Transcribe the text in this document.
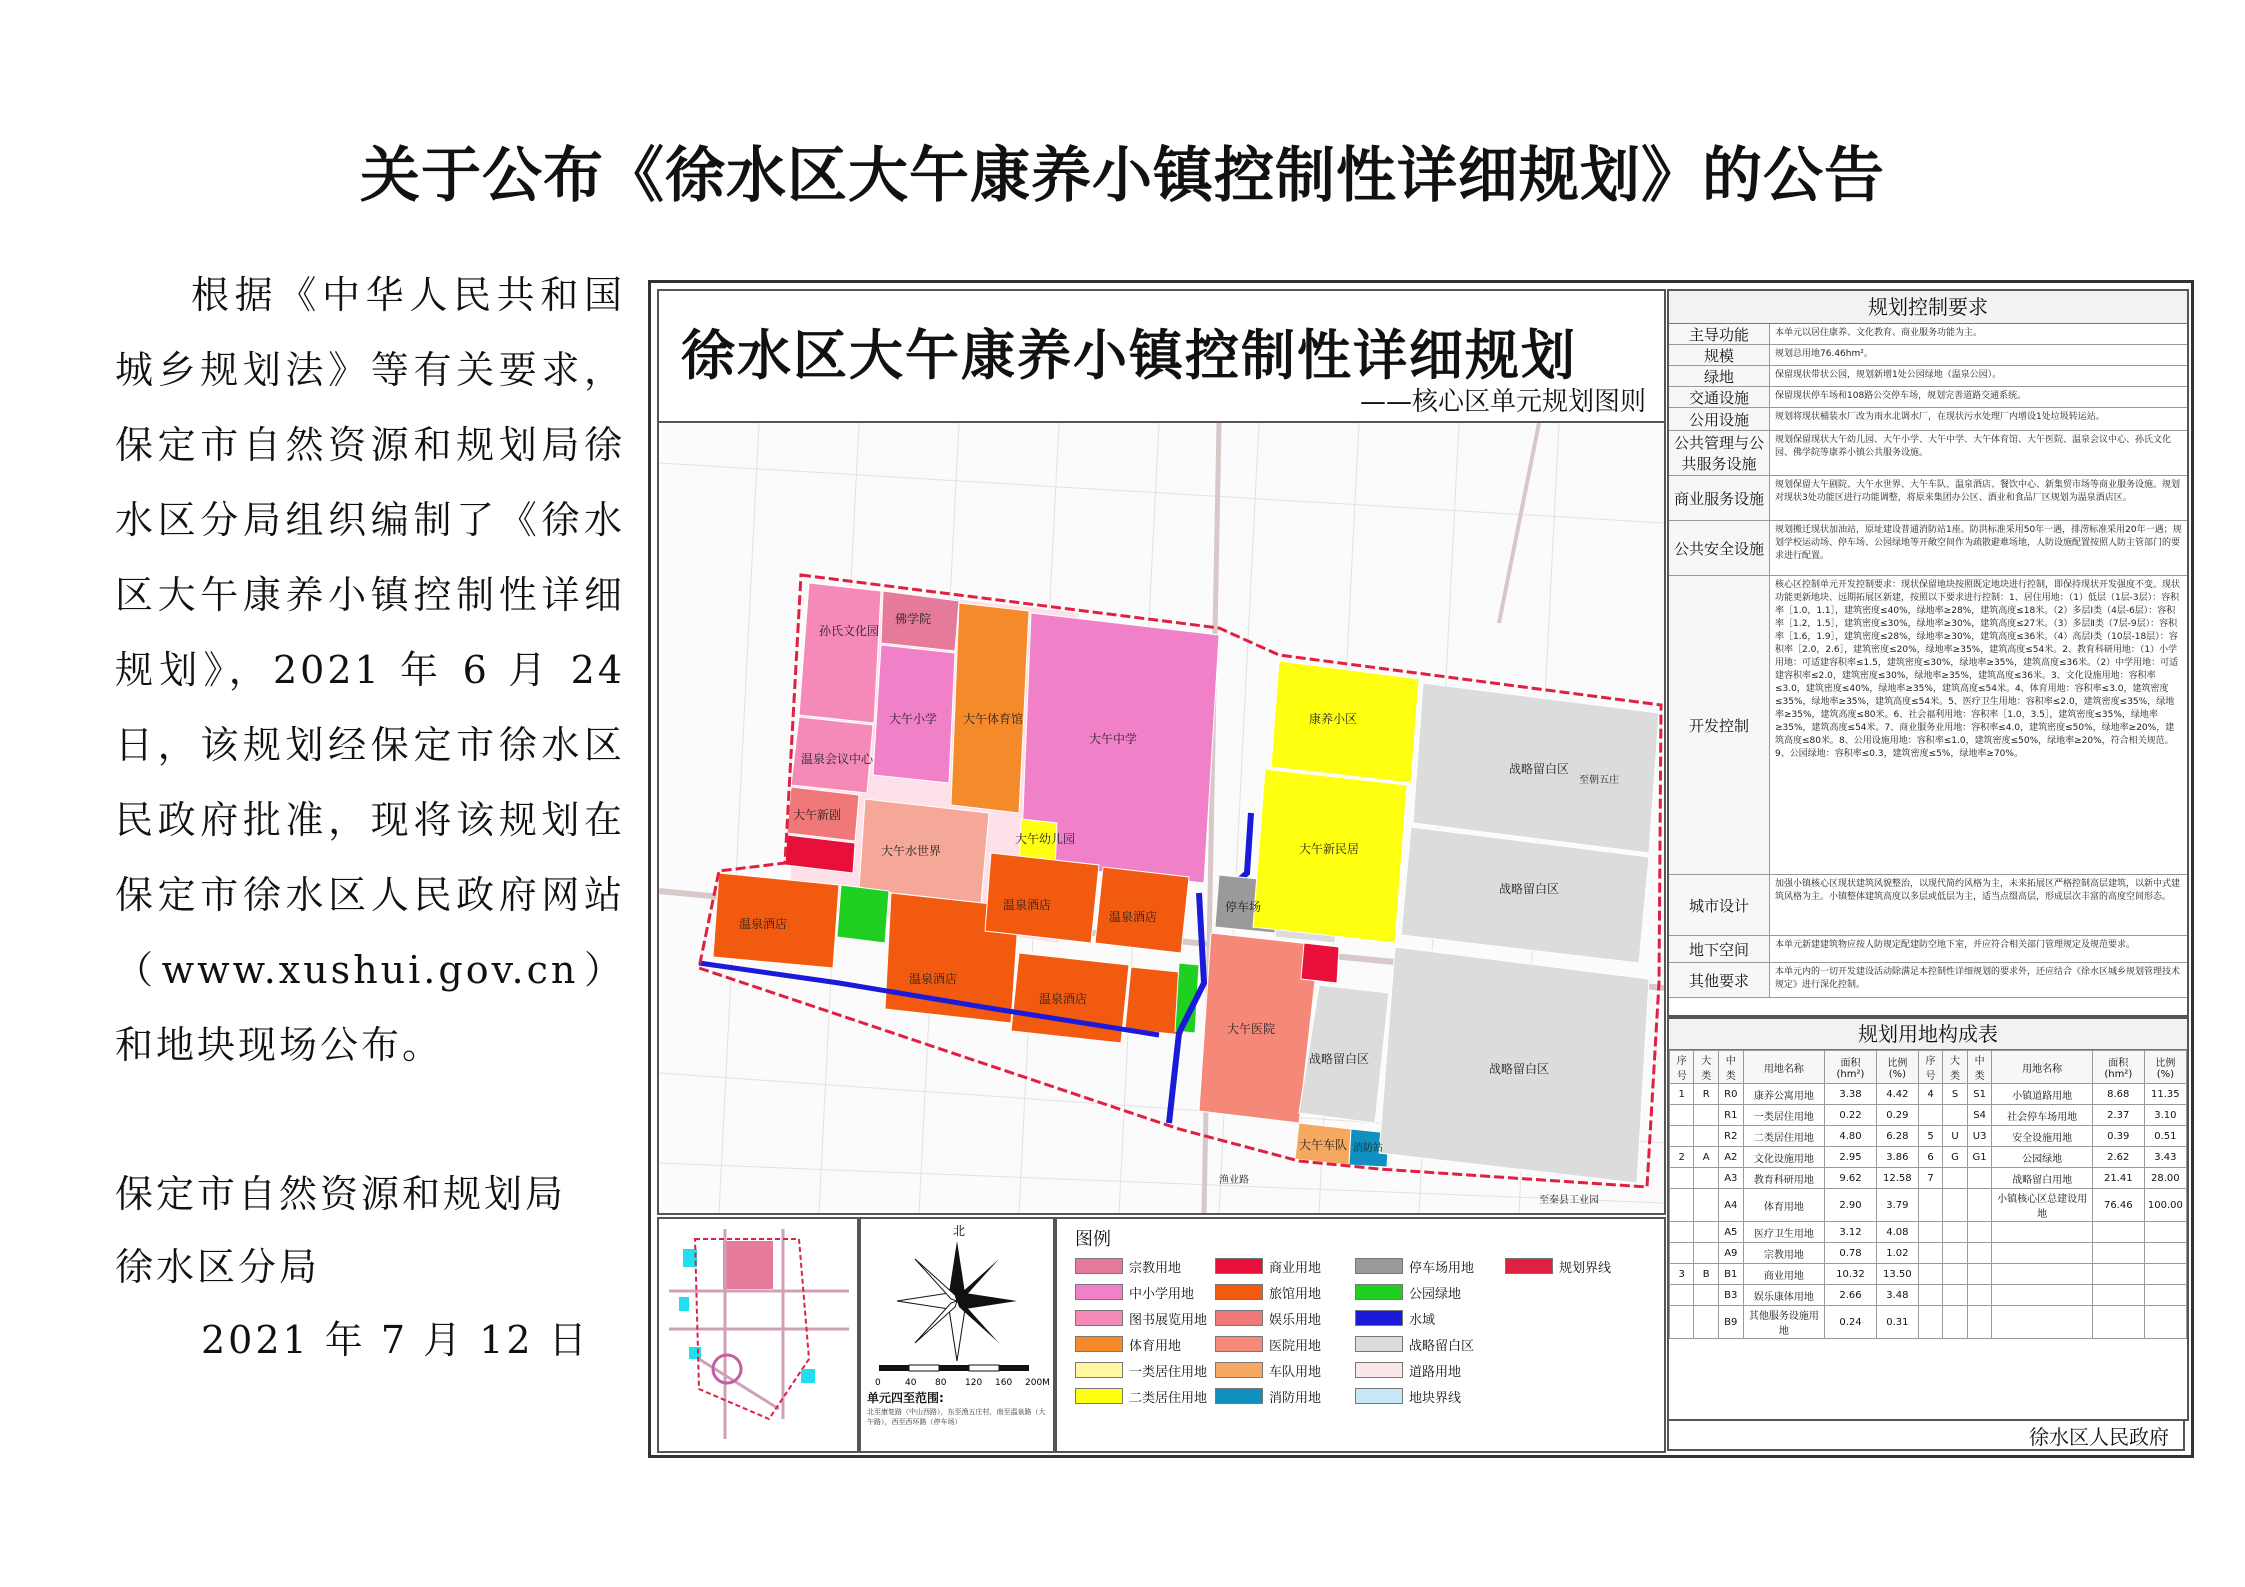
关于公布《徐水区大午康养小镇控制性详细规划》的公告

根据《中华人民共和国城乡规划法》等有关要求，保定市自然资源和规划局徐水区分局组织编制了《徐水区大午康养小镇控制性详细规划》，2021 年 6 月 24 日，该规划经保定市徐水区民政府批准，现将该规划在保定市徐水区人民政府网站（www.xushui.gov.cn）和地块现场公布。

保定市自然资源和规划局
徐水区分局
2021 年 7 月 12 日
徐水区大午康养小镇控制性详细规划
——核心区单元规划图则
孙氏文化园
佛学院
温泉会议中心
大午小学 大午体育馆
大午中学
大午幼儿园
康养小区
大午新民居
战略留白区
战略留白区
战略留白区
战略留白区
大午新剧
大午水世界
大午医院
停车场
温泉酒店
温泉酒店
温泉酒店
温泉酒店
温泉酒店
大午车队 消防站
至朝五庄
渔业路
至秦县工业园
规划控制要求
主导功能	本单元以居住康养、文化教育、商业服务功能为主。
规模	规划总用地76.46hm²。
绿地	保留现状带状公园，规划新增1处公园绿地（温泉公园）。
交通设施	保留现状停车场和108路公交停车场，规划完善道路交通系统。
公用设施	规划将现状桶装水厂改为雨水北调水厂，在现状污水处理厂内增设1处垃圾转运站。
公共管理与公共服务设施
规划保留现状大午幼儿园、大午小学、大午中学、大午体育馆、大午医院、温泉会议中心、孙氏文化园、佛学院等康养小镇公共服务设施。
商业服务设施
规划保留大午剧院、大午水世界、大午车队、温泉酒店、餐饮中心、新集贸市场等商业服务设施。规划对现状3处功能区进行功能调整，将原来集团办公区、酒业和食品厂区规划为温泉酒店区。
公共安全设施
规划搬迁现状加油站，原址建设普通消防站1座。防洪标准采用50年一遇，排涝标准采用20年一遇；规划学校运动场、停车场、公园绿地等开敞空间作为疏散避难场地，人防设施配置按照人防主管部门的要求进行配置。
开发控制
核心区控制单元开发控制要求：现状保留地块按照既定地块进行控制，即保持现状开发强度不变。现状功能更新地块、远期拓展区新建，按照以下要求进行控制：1、居住用地：（1）低层（1层-3层）：容积率［1.0，1.1］，建筑密度≤40%，绿地率≥28%，建筑高度≤18米。（2）多层Ⅰ类（4层-6层）：容积率［1.2，1.5］，建筑密度≤30%，绿地率≥30%，建筑高度≤27米。（3）多层Ⅱ类（7层-9层）：容积率［1.6，1.9］，建筑密度≤28%，绿地率≥30%，建筑高度≤36米。（4）高层Ⅰ类（10层-18层）：容积率［2.0，2.6］，建筑密度≤20%，绿地率≥35%，建筑高度≤54米。2、教育科研用地：（1）小学用地：可适建容积率≤1.5，建筑密度≤30%，绿地率≥35%，建筑高度≤36米。（2）中学用地：可适建容积率≤2.0，建筑密度≤30%，绿地率≥35%，建筑高度≤36米。3、文化设施用地：容积率≤3.0，建筑密度≤40%，绿地率≥35%，建筑高度≤54米。4、体育用地：容积率≤3.0，建筑密度≤35%，绿地率≥35%，建筑高度≤54米。5、医疗卫生用地：容积率≤2.0，建筑密度≤35%，绿地率≥35%，建筑高度≤80米。6、社会福利用地：容积率［1.0，3.5］，建筑密度≤35%，绿地率≥35%，建筑高度≤54米。7、商业服务业用地：容积率≤4.0，建筑密度≤50%，绿地率≥20%，建筑高度≤80米。8、公用设施用地：容积率≤1.0，建筑密度≤50%，绿地率≥20%，符合相关规范。9、公园绿地：容积率≤0.3，建筑密度≤5%，绿地率≥70%。
城市设计
加强小镇核心区现状建筑风貌整治，以现代简约风格为主，未来拓展区严格控制高层建筑，以新中式建筑风格为主。小镇整体建筑高度以多层或低层为主，适当点缀高层，形成层次丰富的高度空间形态。
地下空间	本单元新建建筑物应按人防规定配建防空地下室，并应符合相关部门管理规定及规范要求。
其他要求	本单元内的一切开发建设活动除满足本控制性详细规划的要求外，还应结合《徐水区城乡规划管理技术规定》进行深化控制。
规划用地构成表
序号	大类	中类	用地名称	面积(hm²)	比例(%)	序号	大类	中类	用地名称	面积(hm²)	比例(%)
1	R	R0	康养公寓用地	3.38	4.42	4	S	S1	小镇道路用地	8.68	11.35
		R1	一类居住用地	0.22	0.29			S4	社会停车场用地	2.37	3.10
		R2	二类居住用地	4.80	6.28	5	U	U3	安全设施用地	0.39	0.51
2	A	A2	文化设施用地	2.95	3.86	6	G	G1	公园绿地	2.62	3.43
		A3	教育科研用地	9.62	12.58	7			战略留白用地	21.41	28.00
		A4	体育用地	2.90	3.79				小镇核心区总建设用地	76.46	100.00
		A5	医疗卫生用地	3.12	4.08						
		A9	宗教用地	0.78	1.02						
3	B	B1	商业用地	10.32	13.50						
		B3	娱乐康体用地	2.66	3.48						
		B9	其他服务设施用地	0.24	0.31						
徐水区人民政府
北
0	40 80 120 160 200M
单元四至范围:
北至康复路（中山西路），东至渔五庄村，南至温泉路（大午路），西至西环路（停车场）
图例
宗教用地	商业用地	停车场用地	规划界线
中小学用地	旅馆用地	公园绿地
图书展览用地	娱乐用地	水域
体育用地	医院用地	战略留白区
一类居住用地	车队用地	道路用地
二类居住用地	消防用地	地块界线
